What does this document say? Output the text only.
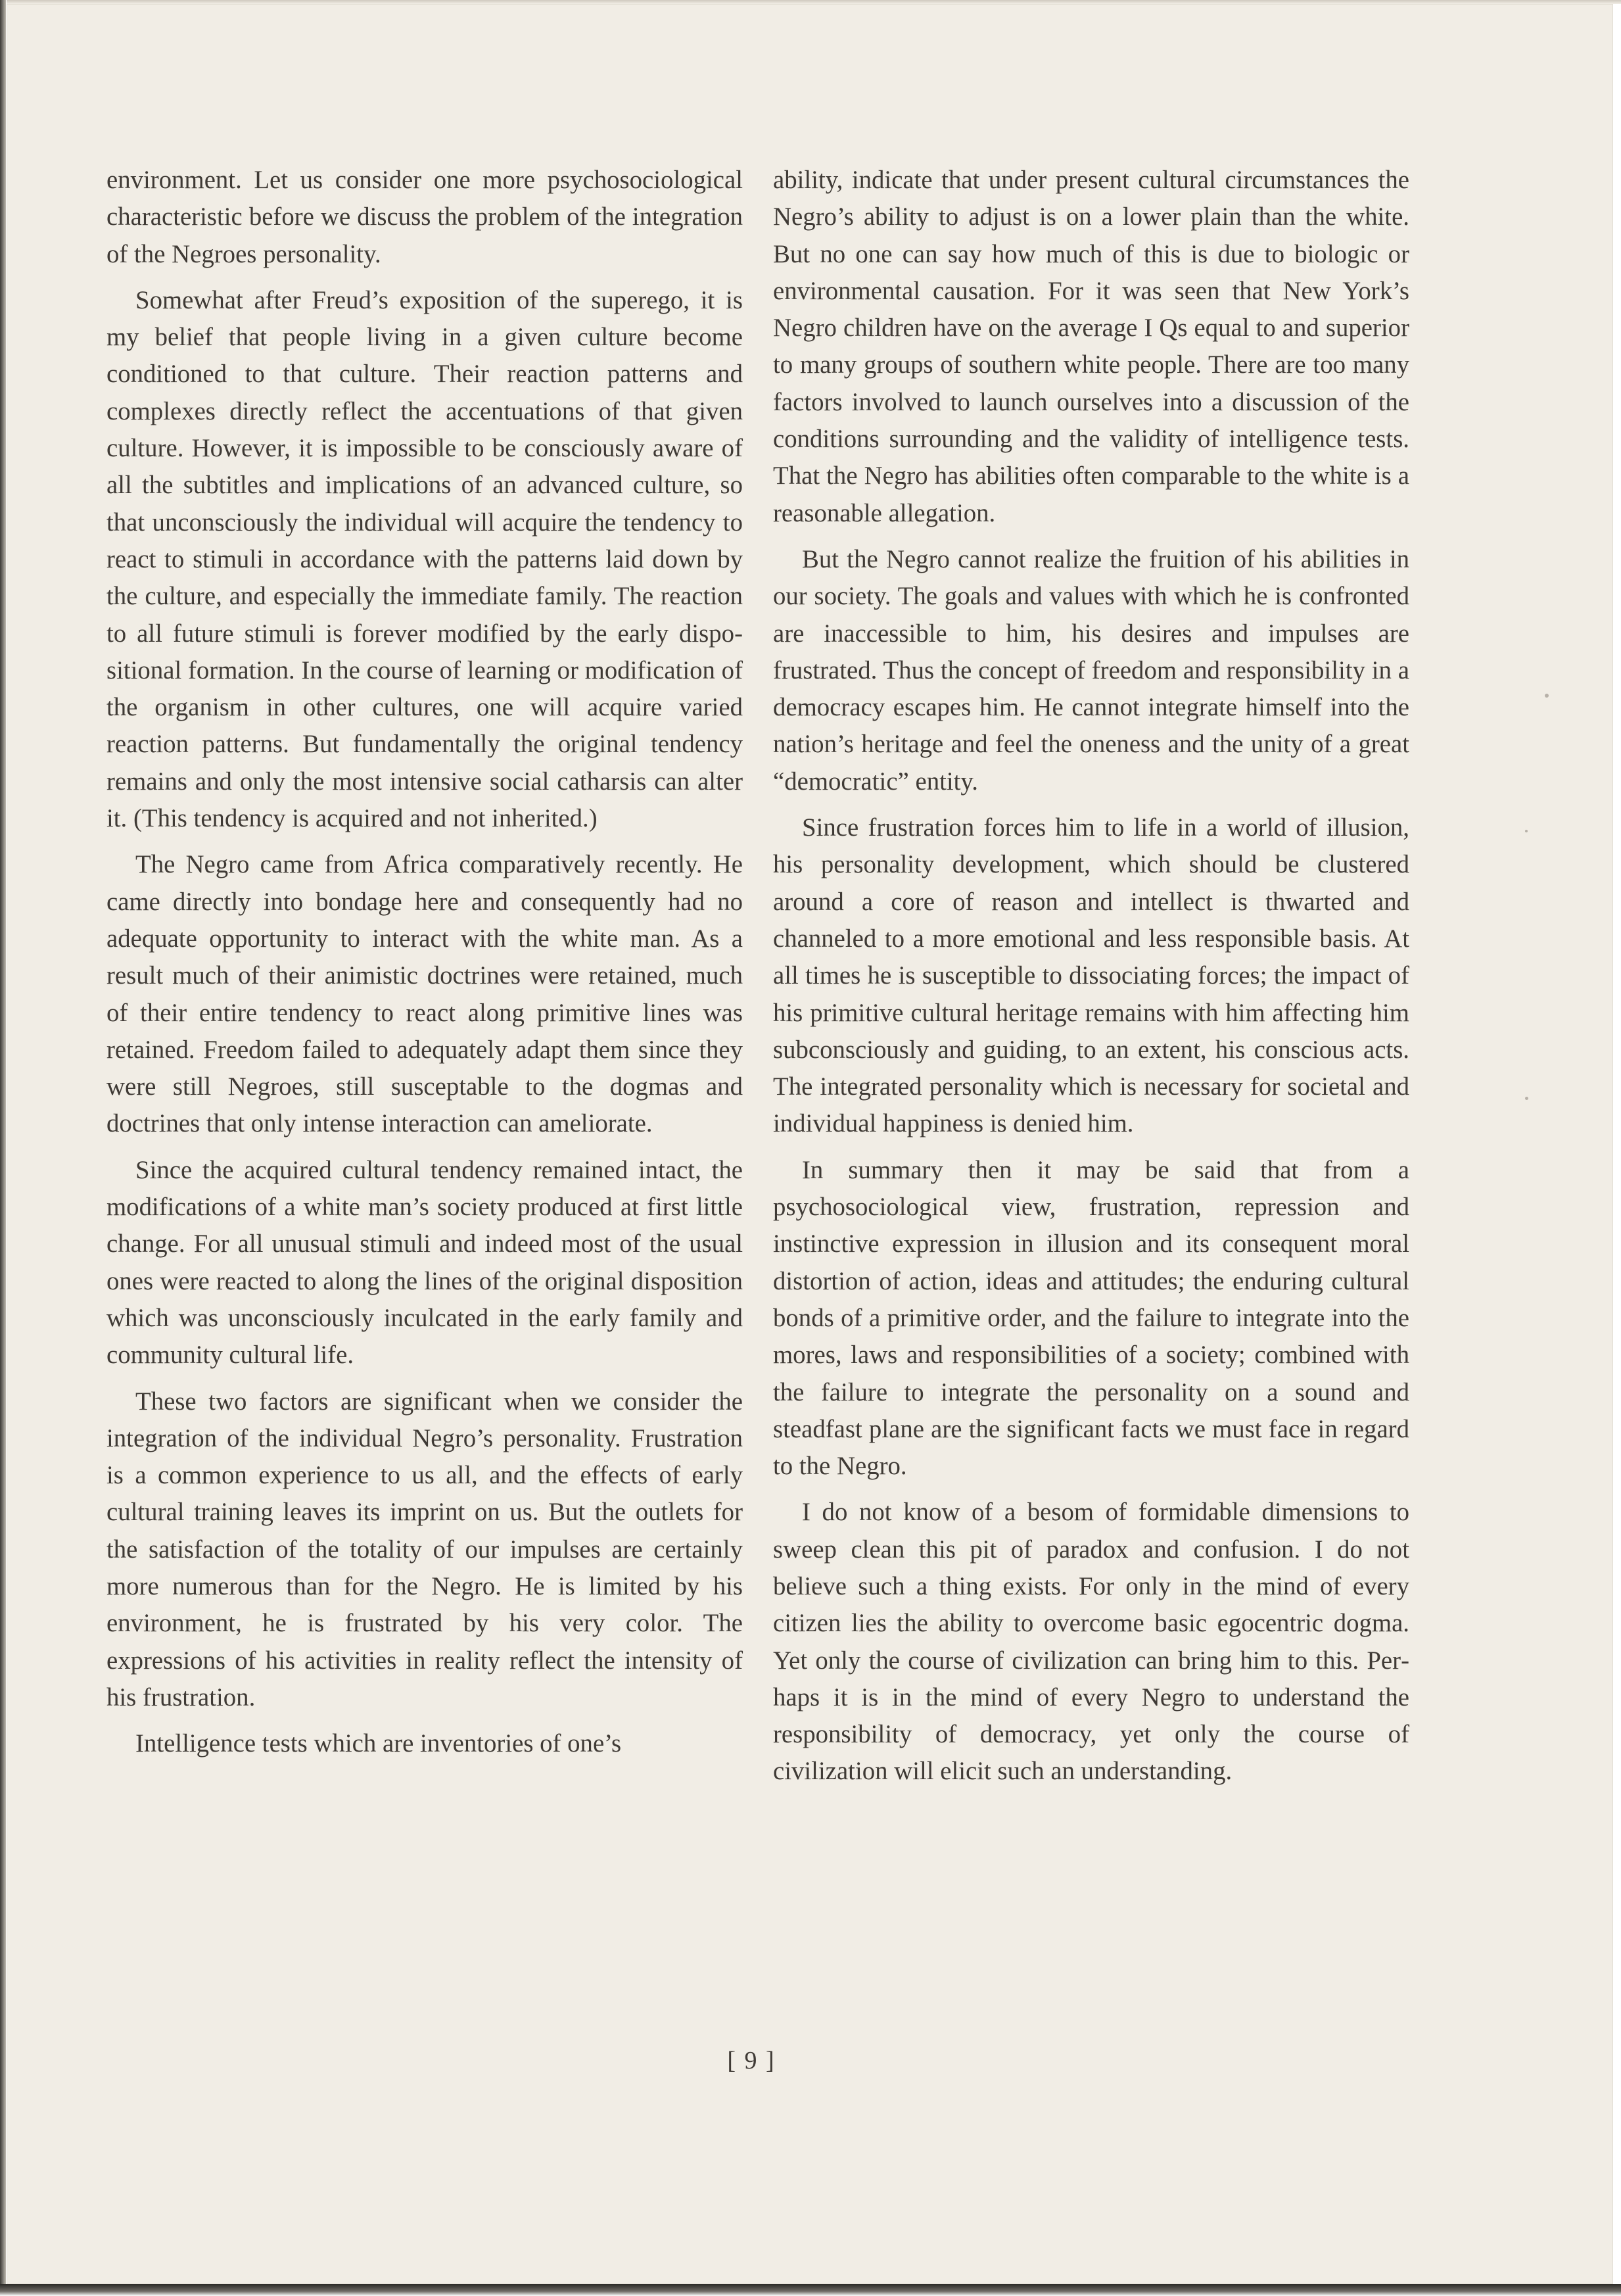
environment. Let us consider one more psychosociological characteristic before we discuss the problem of the integration of the Negroes personality.

Somewhat after Freud’s exposition of the superego, it is my belief that people living in a given culture become conditioned to that culture. Their reaction patterns and complexes directly reflect the accentuations of that given culture. However, it is impossible to be consciously aware of all the subtitles and implications of an advanced culture, so that unconsciously the individual will acquire the tendency to react to stimuli in accordance with the patterns laid down by the culture, and especially the immediate family. The reaction to all future stimuli is forever modified by the early dispositional formation. In the course of learning or modification of the organism in other cultures, one will acquire varied reaction patterns. But fundamentally the original tendency remains and only the most intensive social catharsis can alter it. (This tendency is acquired and not inherited.)

The Negro came from Africa comparatively recently. He came directly into bondage here and consequently had no adequate opportunity to interact with the white man. As a result much of their animistic doctrines were retained, much of their entire tendency to react along primitive lines was retained. Freedom failed to adequately adapt them since they were still Negroes, still susceptable to the dogmas and doctrines that only intense interaction can ameliorate.

Since the acquired cultural tendency remained intact, the modifications of a white man’s society produced at first little change. For all unusual stimuli and indeed most of the usual ones were reacted to along the lines of the original disposition which was unconsciously inculcated in the early family and community cultural life.

These two factors are significant when we consider the integration of the individual Negro’s personality. Frustration is a common experience to us all, and the effects of early cultural training leaves its imprint on us. But the outlets for the satisfaction of the totality of our impulses are certainly more numerous than for the Negro. He is limited by his environment, he is frustrated by his very color. The expressions of his activities in reality reflect the intensity of his frustration.

Intelligence tests which are inventories of one’s

ability, indicate that under present cultural circumstances the Negro’s ability to adjust is on a lower plain than the white. But no one can say how much of this is due to biologic or environmental causation. For it was seen that New York’s Negro children have on the average I Qs equal to and superior to many groups of southern white people. There are too many factors involved to launch ourselves into a discussion of the conditions surrounding and the validity of intelligence tests. That the Negro has abilities often comparable to the white is a reasonable allegation.

But the Negro cannot realize the fruition of his abilities in our society. The goals and values with which he is confronted are inaccessible to him, his desires and impulses are frustrated. Thus the concept of freedom and responsibility in a democracy escapes him. He cannot integrate himself into the nation’s heritage and feel the oneness and the unity of a great “democratic” entity.

Since frustration forces him to life in a world of illusion, his personality development, which should be clustered around a core of reason and intellect is thwarted and channeled to a more emotional and less responsible basis. At all times he is susceptible to dissociating forces; the impact of his primitive cultural heritage remains with him affecting him subconsciously and guiding, to an extent, his conscious acts. The integrated personality which is necessary for societal and individual happiness is denied him.

In summary then it may be said that from a psychosociological view, frustration, repression and instinctive expression in illusion and its consequent moral distortion of action, ideas and attitudes; the enduring cultural bonds of a primitive order, and the failure to integrate into the mores, laws and responsibilities of a society; combined with the failure to integrate the personality on a sound and steadfast plane are the significant facts we must face in regard to the Negro.

I do not know of a besom of formidable dimensions to sweep clean this pit of paradox and confusion. I do not believe such a thing exists. For only in the mind of every citizen lies the ability to overcome basic egocentric dogma. Yet only the course of civilization can bring him to this. Perhaps it is in the mind of every Negro to understand the responsibility of democracy, yet only the course of civilization will elicit such an understanding.

[ 9 ]
